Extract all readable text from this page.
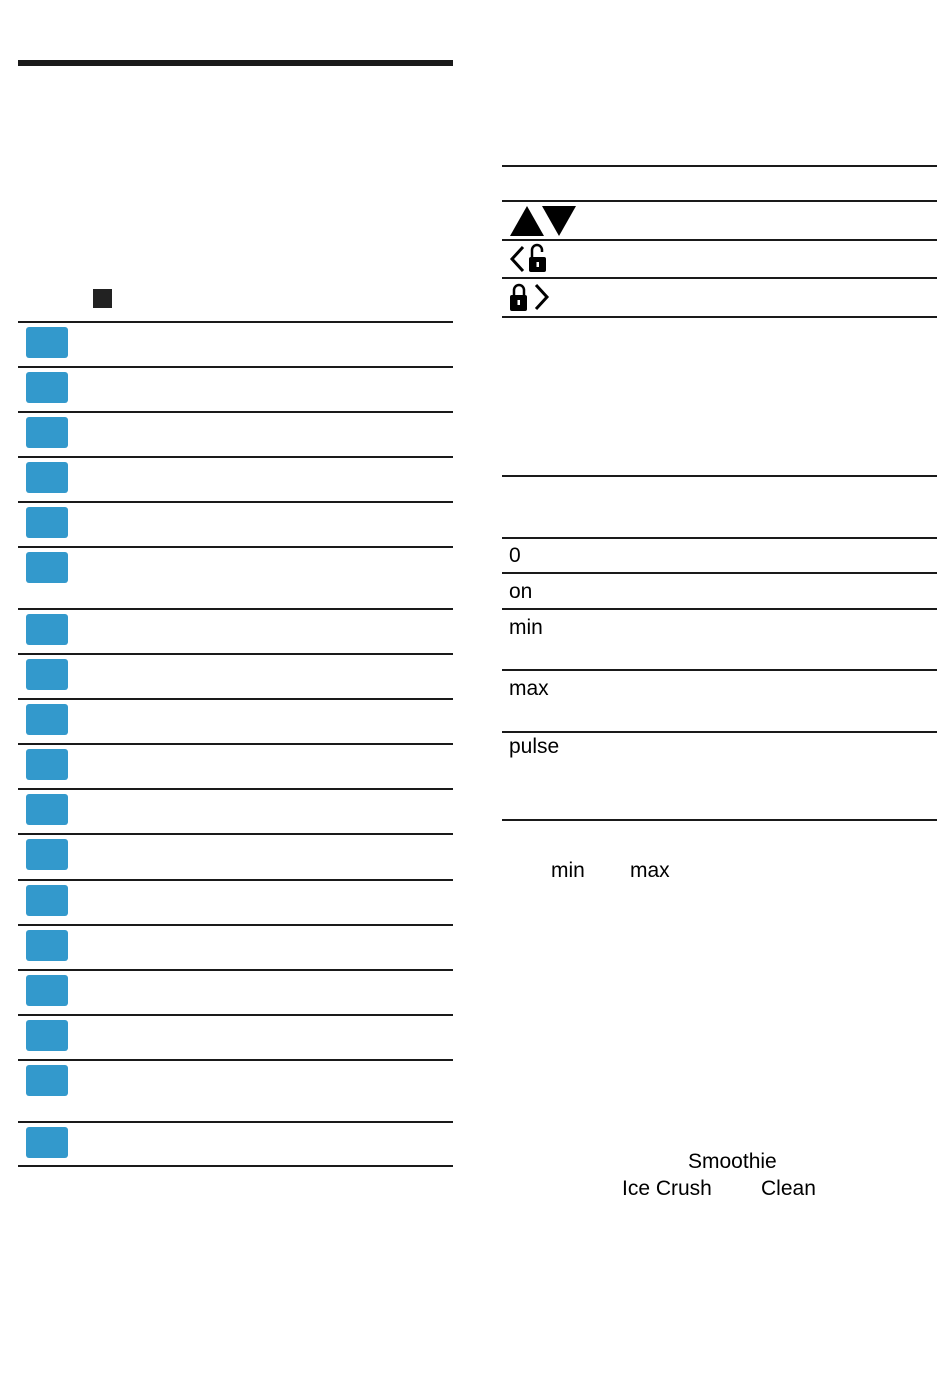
0
on
min
max
pulse
min max
Smoothie
Ice Crush Clean
